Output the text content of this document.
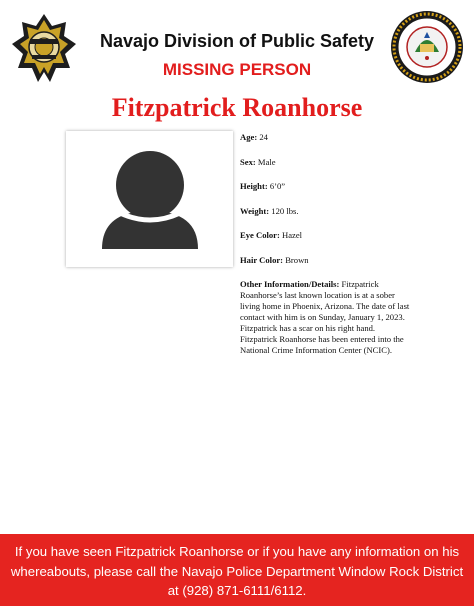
Navajo Division of Public Safety
MISSING PERSON
Fitzpatrick Roanhorse
Age: 24
Sex: Male
Height: 6’0”
Weight: 120 lbs.
Eye Color: Hazel
Hair Color: Brown
Other Information/Details: Fitzpatrick Roanhorse’s last known location is at a sober living home in Phoenix, Arizona. The date of last contact with him is on Sunday, January 1, 2023. Fitzpatrick has a scar on his right hand. Fitzpatrick Roanhorse has been entered into the National Crime Information Center (NCIC).
If you have seen Fitzpatrick Roanhorse or if you have any information on his whereabouts, please call the Navajo Police Department Window Rock District at (928) 871-6111/6112.
